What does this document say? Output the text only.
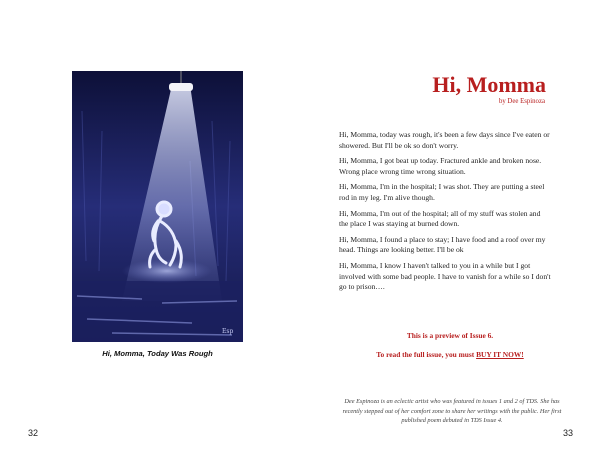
Esp
Hi, Momma, Today Was Rough
32
Hi, Momma
by Dee Espinoza

Hi, Momma, today was rough, it's been a few days since I've eaten or showered. But I'll be ok so don't worry.

Hi, Momma, I got beat up today. Fractured ankle and broken nose. Wrong place wrong time wrong situation.

Hi, Momma, I'm in the hospital; I was shot. They are putting a steel rod in my leg. I'm alive though.

Hi, Momma, I'm out of the hospital; all of my stuff was stolen and the place I was staying at burned down.

Hi, Momma, I found a place to stay; I have food and a roof over my head. Things are looking better. I'll be ok

Hi, Momma, I know I haven't talked to you in a while but I got involved with some bad people. I have to vanish for a while so I don't go to prison….

This is a preview of Issue 6.
To read the full issue, you must BUY IT NOW!
Dee Espinoza is an eclectic artist who was featured in issues 1 and 2 of TDS. She has recently stepped out of her comfort zone to share her writings with the public. Her first published poem debuted in TDS Issue 4.
33
